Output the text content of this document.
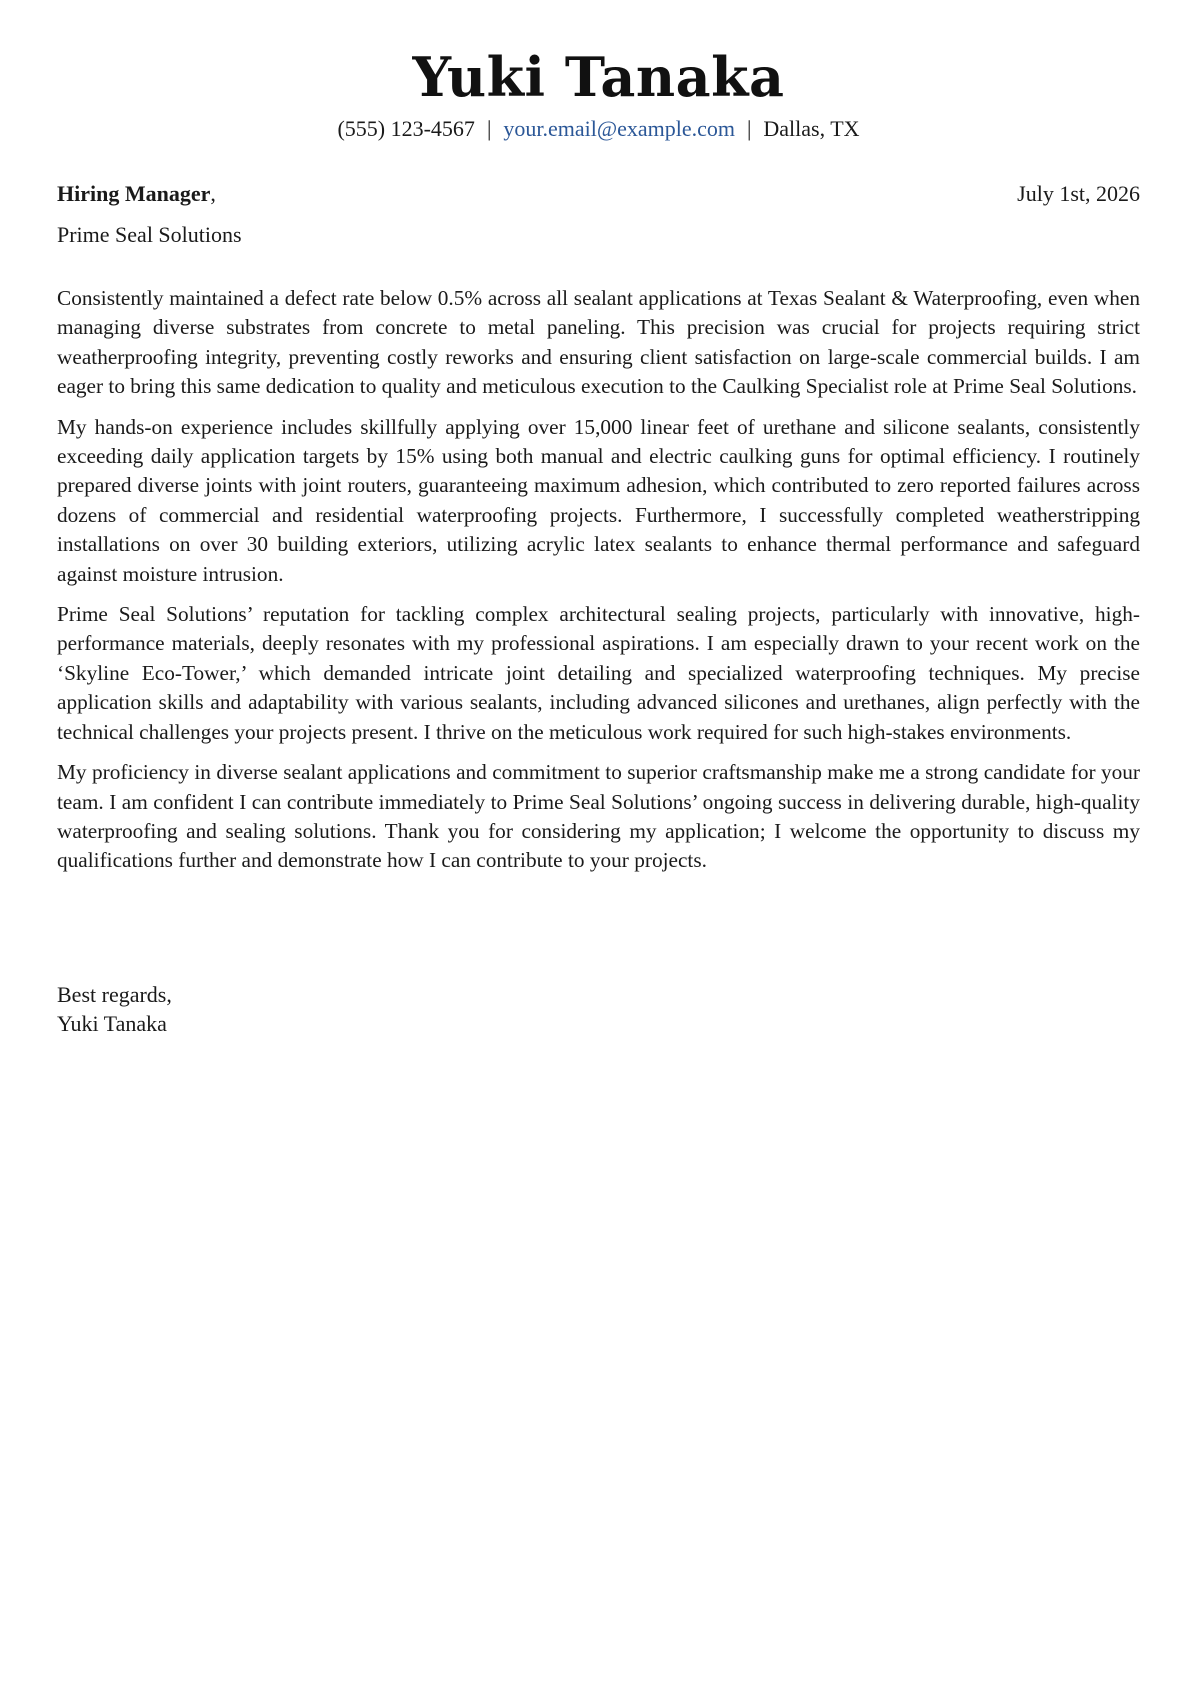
Yuki Tanaka
(555) 123-4567 | your.email@example.com | Dallas, TX
Hiring Manager,	July 1st, 2026
Prime Seal Solutions

Consistently maintained a defect rate below 0.5% across all sealant applications at Texas Sealant & Waterproofing, even when managing diverse substrates from concrete to metal paneling. This precision was crucial for projects requiring strict weatherproofing integrity, preventing costly reworks and ensuring client satisfaction on large-scale commercial builds. I am eager to bring this same dedication to quality and meticulous execution to the Caulking Specialist role at Prime Seal Solutions.

My hands-on experience includes skillfully applying over 15,000 linear feet of urethane and silicone sealants, consistently exceeding daily application targets by 15% using both manual and electric caulking guns for optimal efficiency. I routinely prepared diverse joints with joint routers, guaranteeing maximum adhesion, which contributed to zero reported failures across dozens of commercial and residential waterproofing projects. Furthermore, I successfully completed weatherstripping installations on over 30 building exteriors, utilizing acrylic latex sealants to enhance thermal performance and safeguard against moisture intrusion.

Prime Seal Solutions’ reputation for tackling complex architectural sealing projects, particularly with innovative, high-performance materials, deeply resonates with my professional aspirations. I am especially drawn to your recent work on the ‘Skyline Eco-Tower,’ which demanded intricate joint detailing and specialized waterproofing techniques. My precise application skills and adaptability with various sealants, including advanced silicones and urethanes, align perfectly with the technical challenges your projects present. I thrive on the meticulous work required for such high-stakes environments.

My proficiency in diverse sealant applications and commitment to superior craftsmanship make me a strong candidate for your team. I am confident I can contribute immediately to Prime Seal Solutions’ ongoing success in delivering durable, high-quality waterproofing and sealing solutions. Thank you for considering my application; I welcome the opportunity to discuss my qualifications further and demonstrate how I can contribute to your projects.

Best regards,
Yuki Tanaka
